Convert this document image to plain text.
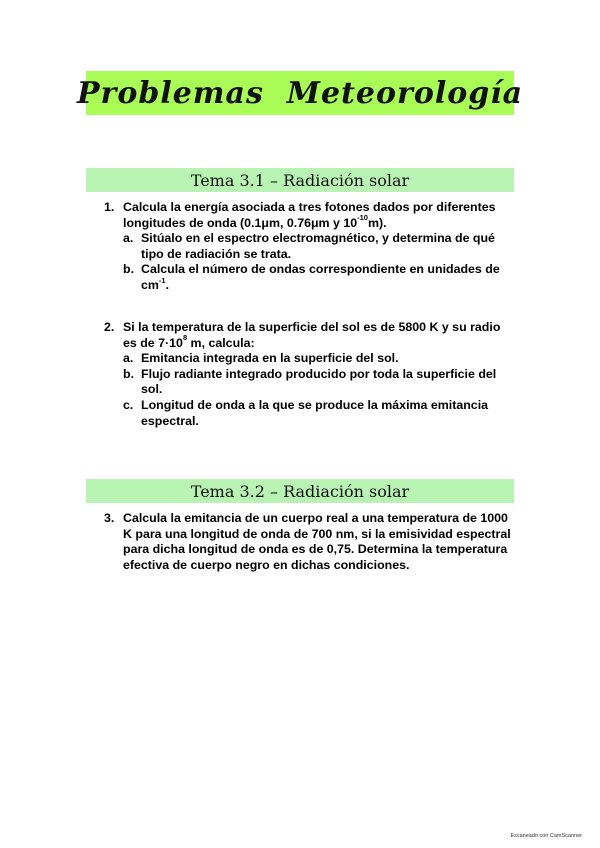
Problemas  Meteorología
Tema 3.1 – Radiación solar
1. Calcula la energía asociada a tres fotones dados por diferentes longitudes de onda (0.1μm, 0.76μm y $10^{-10}m$).
a. Sitúalo en el espectro electromagnético, y determina de qué tipo de radiación se trata.
b. Calcula el número de ondas correspondiente en unidades de $cm^{-1}$.
2. Si la temperatura de la superficie del sol es de 5800 K y su radio es de $7\cdot 10^8$ m, calcula:
a. Emitancia integrada en la superficie del sol.
b. Flujo radiante integrado producido por toda la superficie del sol.
c. Longitud de onda a la que se produce la máxima emitancia espectral.
Tema 3.2 – Radiación solar
3. Calcula la emitancia de un cuerpo real a una temperatura de 1000 K para una longitud de onda de 700 nm, si la emisividad espectral para dicha longitud de onda es de 0,75. Determina la temperatura efectiva de cuerpo negro en dichas condiciones.
Escaneado con CamScanner
